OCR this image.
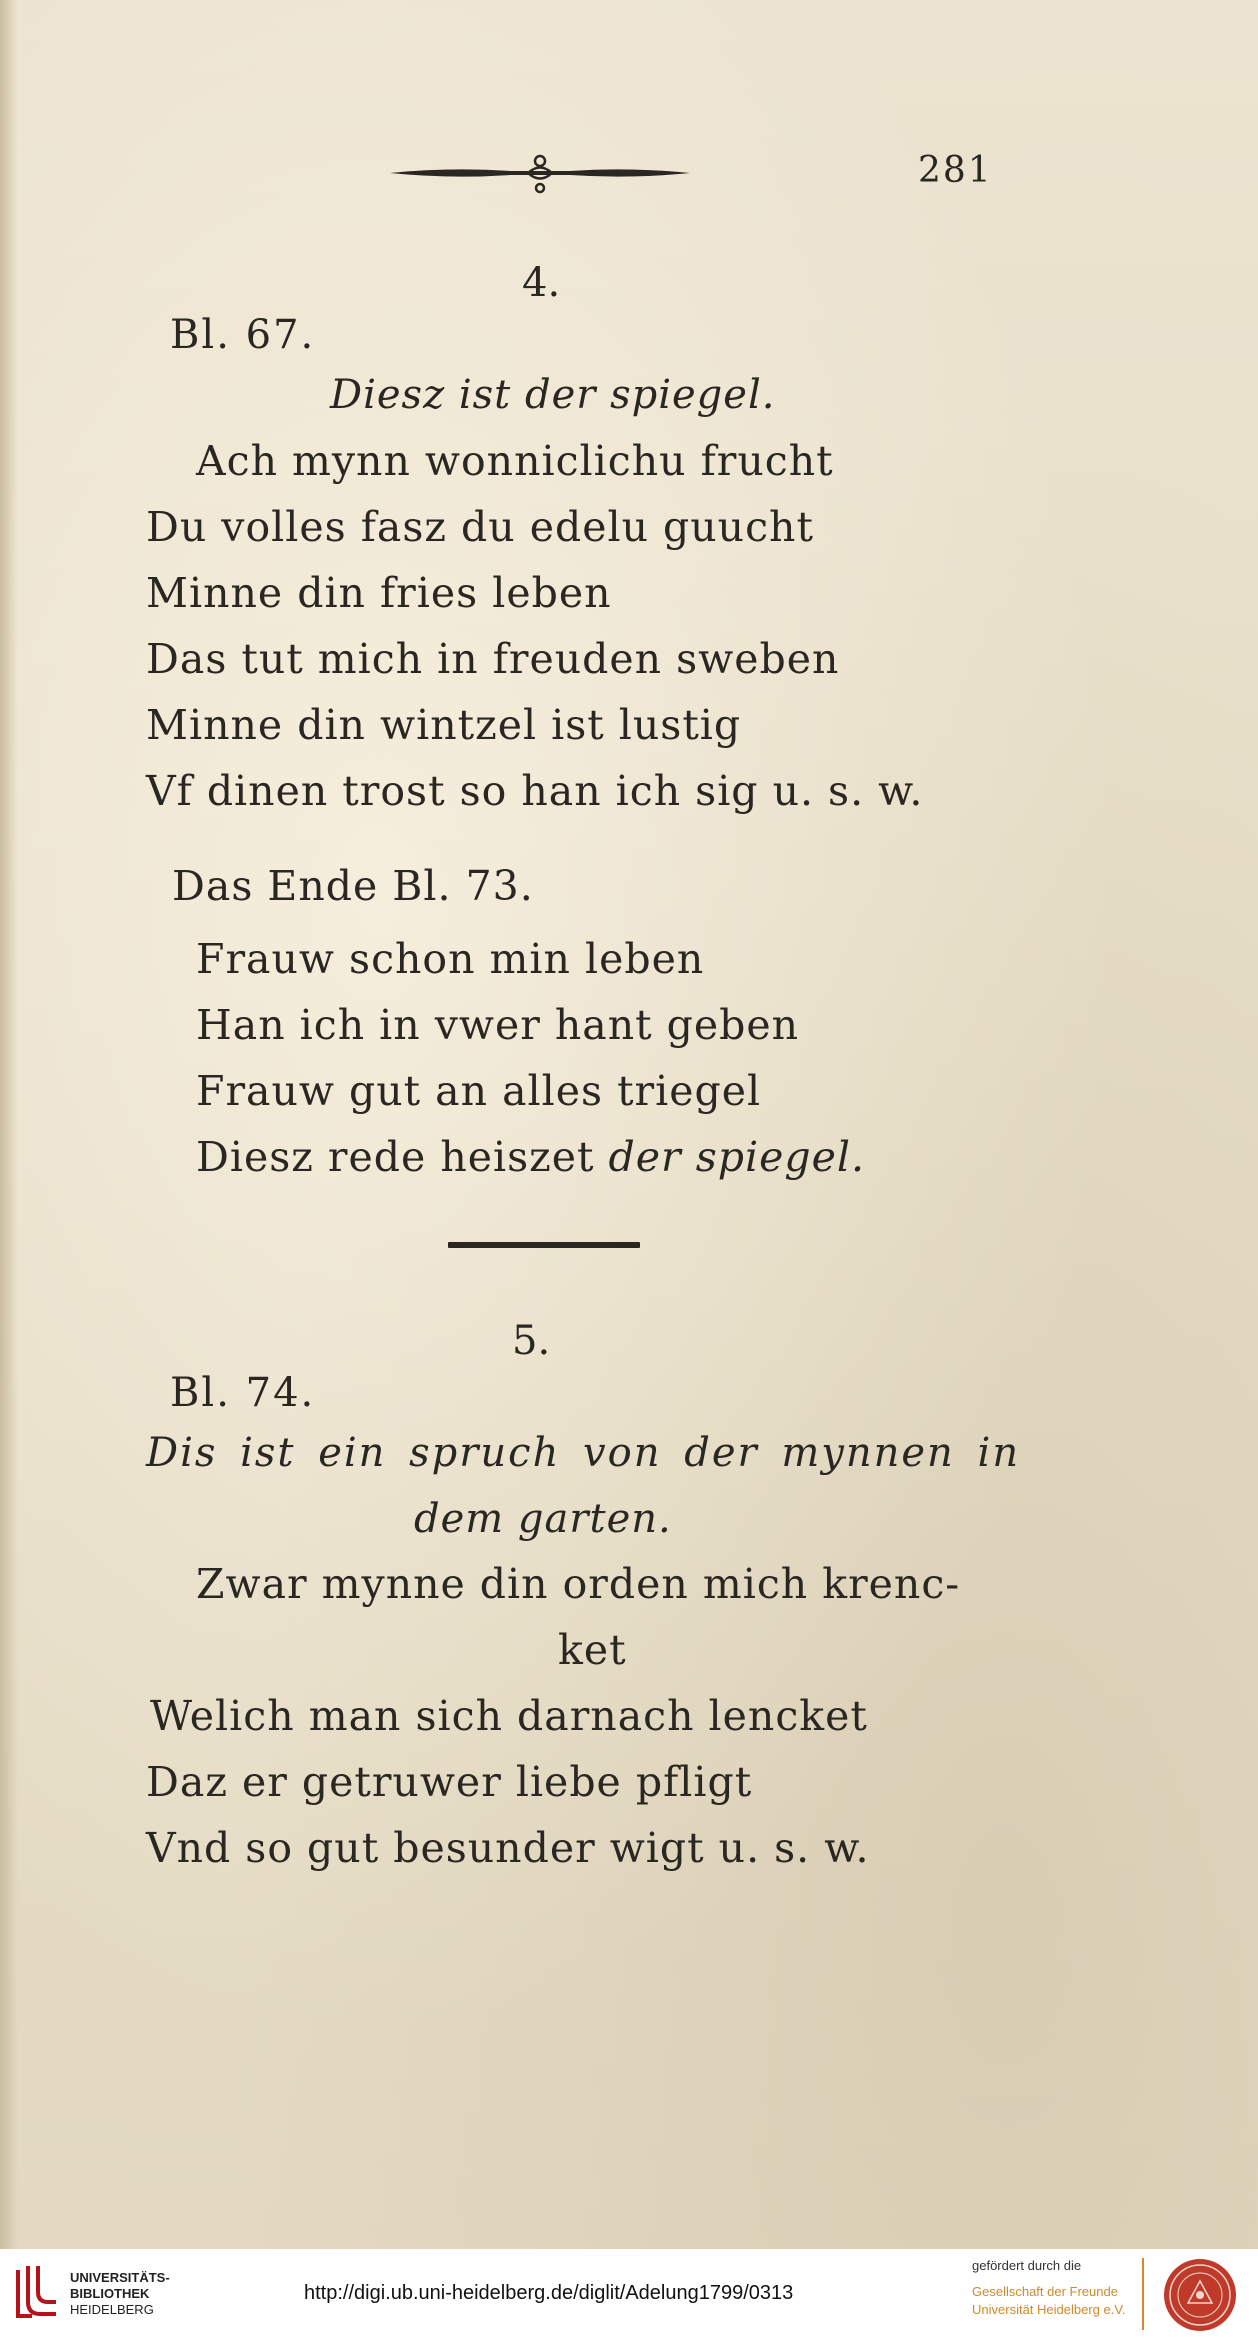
281
4.
Bl. 67.
Diesz ist der spiegel.
Ach mynn wonniclichu frucht
Du volles fasz du edelu guucht
Minne din fries leben
Das tut mich in freuden sweben
Minne din wintzel ist lustig
Vf dinen trost so han ich sig u. s. w.
Das Ende Bl. 73.
Frauw schon min leben
Han ich in vwer hant geben
Frauw gut an alles triegel
Diesz rede heiszet der spiegel.
5.
Bl. 74.
Dis ist ein spruch von der mynnen in
dem garten.
Zwar mynne din orden mich krenc-
ket
Welich man sich darnach lencket
Daz er getruwer liebe pfligt
Vnd so gut besunder wigt u. s. w.
UNIVERSITÄTS-
BIBLIOTHEK
HEIDELBERG
http://digi.ub.uni-heidelberg.de/diglit/Adelung1799/0313
gefördert durch die
Gesellschaft der Freunde
Universität Heidelberg e.V.
